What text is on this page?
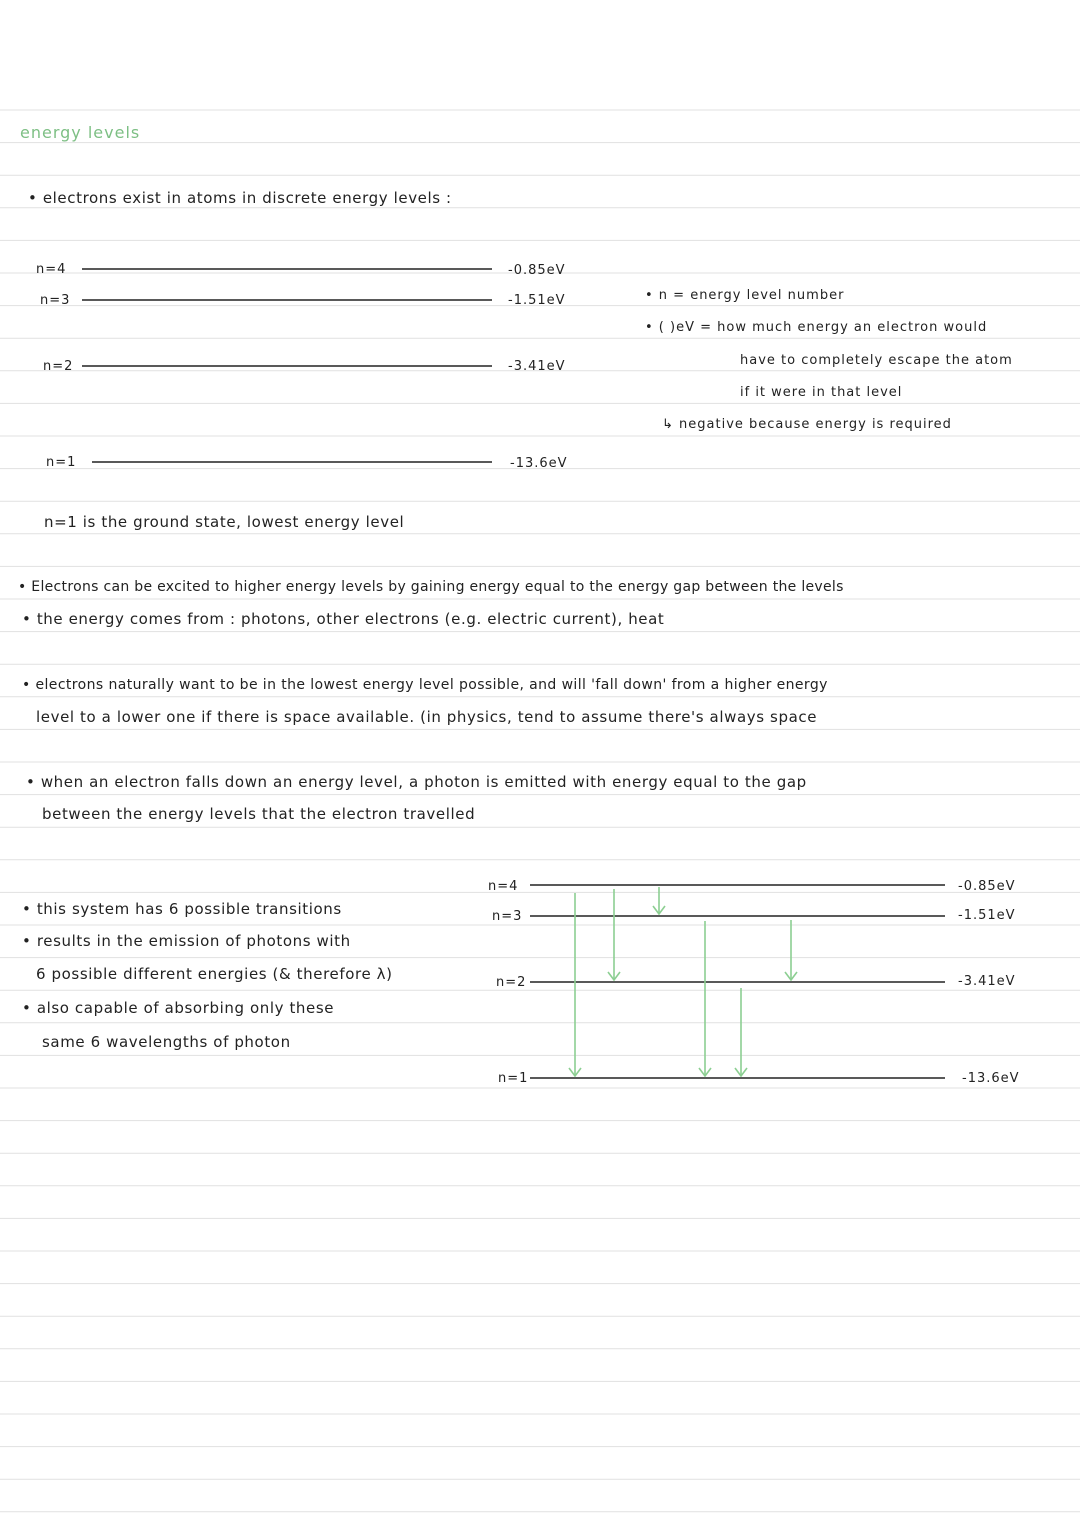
energy levels
• electrons exist in atoms in discrete energy levels :
n=4
n=3
n=2
n=1
-0.85eV
-1.51eV
-3.41eV
-13.6eV
• n = energy level number
• ( )eV = how much energy an electron would
have to completely escape the atom
if it were in that level
↳ negative because energy is required
n=1 is the ground state, lowest energy level
• Electrons can be excited to higher energy levels by gaining energy equal to the energy gap between the levels
• the energy comes from : photons, other electrons (e.g. electric current), heat
• electrons naturally want to be in the lowest energy level possible, and will 'fall down' from a higher energy
level to a lower one if there is space available. (in physics, tend to assume there's always space
• when an electron falls down an energy level, a photon is emitted with energy equal to the gap
between the energy levels that the electron travelled
• this system has 6 possible transitions
• results in the emission of photons with
6 possible different energies (& therefore λ)
• also capable of absorbing only these
same 6 wavelengths of photon
n=4
n=3
n=2
n=1
-0.85eV
-1.51eV
-3.41eV
-13.6eV
